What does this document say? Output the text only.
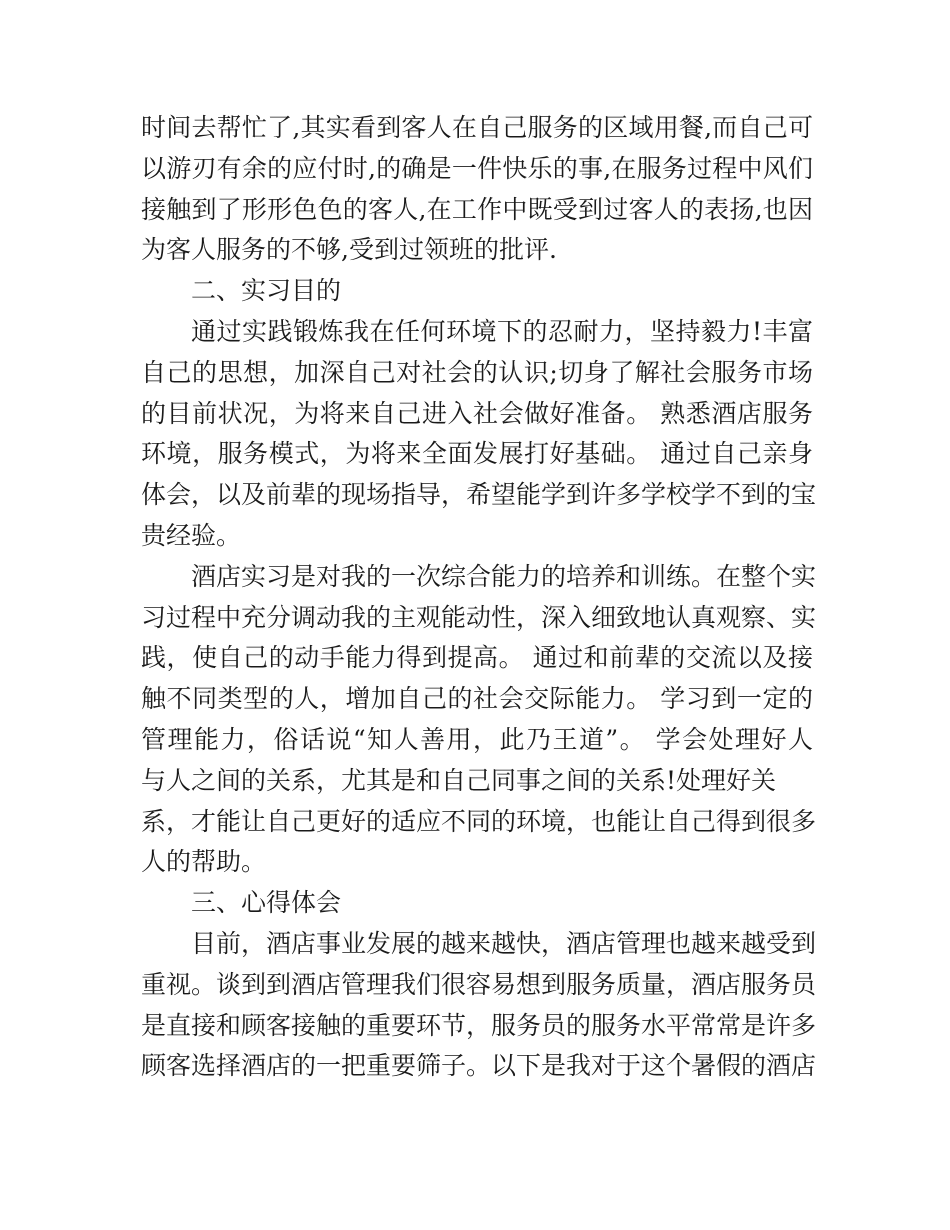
时间去帮忙了,其实看到客人在自己服务的区域用餐,而自己可
以游刃有余的应付时,的确是一件快乐的事,在服务过程中风们
接触到了形形色色的客人,在工作中既受到过客人的表扬,也因
为客人服务的不够,受到过领班的批评.
二、实习目的
通过实践锻炼我在任何环境下的忍耐力，坚持毅力!丰富
自己的思想，加深自己对社会的认识;切身了解社会服务市场
的目前状况，为将来自己进入社会做好准备。 熟悉酒店服务
环境，服务模式，为将来全面发展打好基础。 通过自己亲身
体会，以及前辈的现场指导，希望能学到许多学校学不到的宝
贵经验。
酒店实习是对我的一次综合能力的培养和训练。在整个实
习过程中充分调动我的主观能动性，深入细致地认真观察、实
践，使自己的动手能力得到提高。 通过和前辈的交流以及接
触不同类型的人，增加自己的社会交际能力。 学习到一定的
管理能力，俗话说“知人善用，此乃王道”。 学会处理好人
与人之间的关系，尤其是和自己同事之间的关系!处理好关
系，才能让自己更好的适应不同的环境，也能让自己得到很多
人的帮助。
三、心得体会
目前，酒店事业发展的越来越快，酒店管理也越来越受到
重视。谈到到酒店管理我们很容易想到服务质量，酒店服务员
是直接和顾客接触的重要环节，服务员的服务水平常常是许多
顾客选择酒店的一把重要筛子。以下是我对于这个暑假的酒店
